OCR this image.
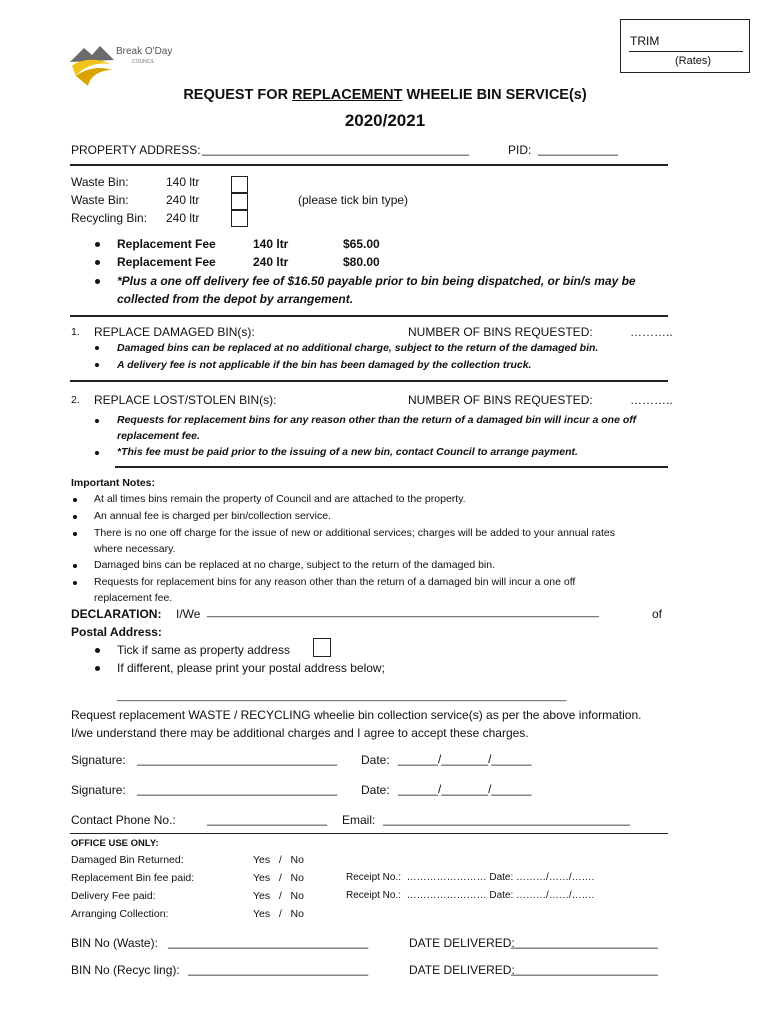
TRIM
(Rates)
Break O'Day
COUNCIL
REQUEST FOR REPLACEMENT WHEELIE BIN SERVICE(s)
2020/2021
PROPERTY ADDRESS: ________________________________________	PID: ____________
Waste Bin:	140 ltr
Waste Bin:	240 ltr
Recycling Bin: 240 ltr
(please tick bin type)
Replacement Fee	140 ltr	$65.00
Replacement Fee	240 ltr	$80.00
*Plus a one off delivery fee of $16.50 payable prior to bin being dispatched, or bin/s may be
collected from the depot by arrangement.
1. REPLACE DAMAGED BIN(s):	NUMBER OF BINS REQUESTED:	………..
Damaged bins can be replaced at no additional charge, subject to the return of the damaged bin.
A delivery fee is not applicable if the bin has been damaged by the collection truck.
2. REPLACE LOST/STOLEN BIN(s):	NUMBER OF BINS REQUESTED:	………..
Requests for replacement bins for any reason other than the return of a damaged bin will incur a one off
replacement fee.
*This fee must be paid prior to the issuing of a new bin, contact Council to arrange payment.
Important Notes:
At all times bins remain the property of Council and are attached to the property.
An annual fee is charged per bin/collection service.
There is no one off charge for the issue of new or additional services; charges will be added to your annual rates
where necessary.
Damaged bins can be replaced at no charge, subject to the return of the damaged bin.
Requests for replacement bins for any reason other than the return of a damaged bin will incur a one off
replacement fee.
DECLARATION: I/We _______________________________________________________________	of
Postal Address:
Tick if same as property address
If different, please print your postal address below;
_____________________________________________________________________________
Request replacement WASTE / RECYCLING wheelie bin collection service(s) as per the above information.
I/we understand there may be additional charges and I agree to accept these charges.
Signature: ______________________________ Date: ______/_______/______
Signature: ______________________________ Date: ______/_______/______
Contact Phone No.:	__________________ Email: _____________________________________
OFFICE USE ONLY:
Damaged Bin Returned:	Yes   /   No
Replacement Bin fee paid:	Yes   /   No	Receipt No.:  …………………… Date: ………/……/…….
Delivery Fee paid:	Yes   /   No	Receipt No.:  …………………… Date: ………/……/…….
Arranging Collection:	Yes   /   No
BIN No (Waste): ______________________________	DATE DELIVERED:
______________________
BIN No (Recyc ling): ___________________________	DATE DELIVERED:
______________________
